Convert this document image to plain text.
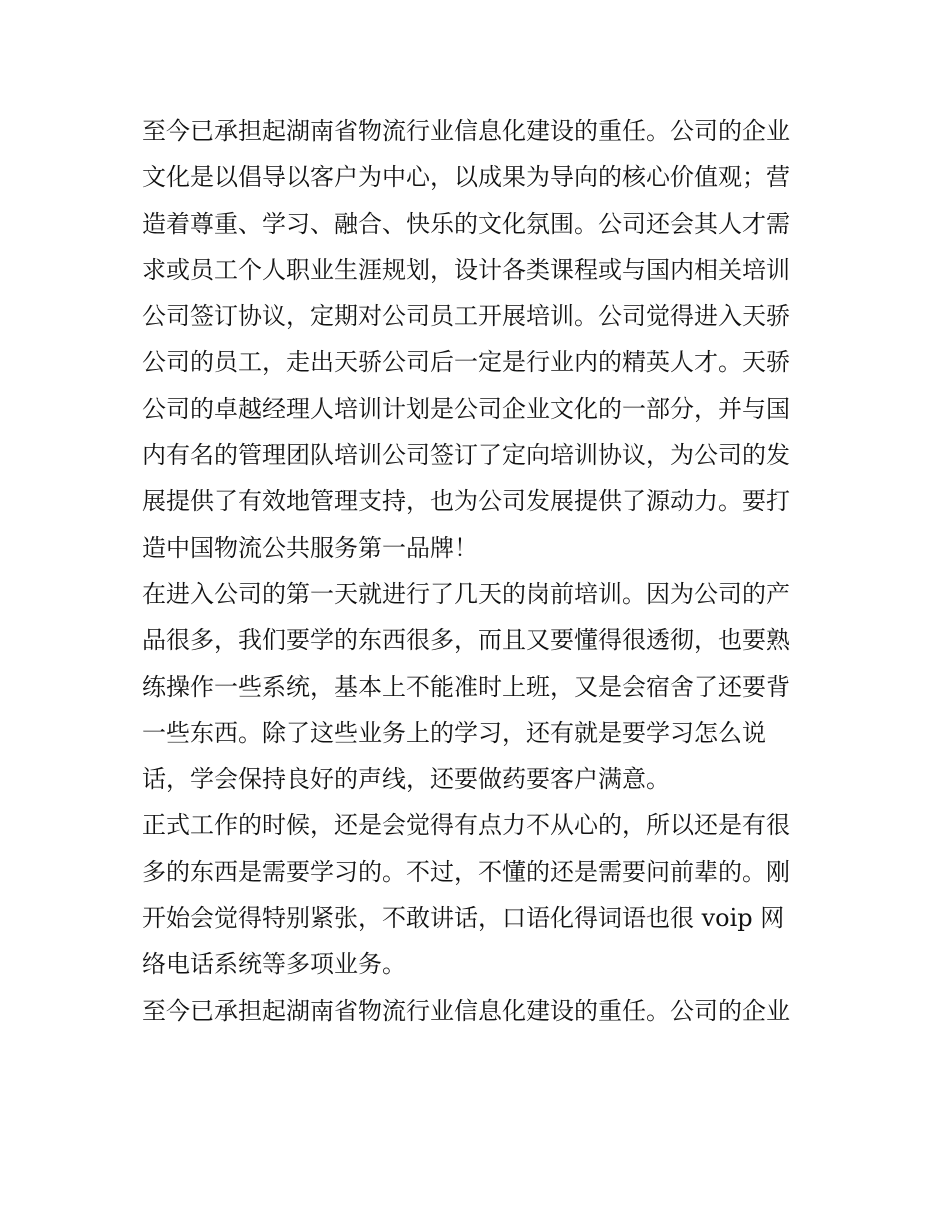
至今已承担起湖南省物流行业信息化建设的重任。公司的企业
文化是以倡导以客户为中心，以成果为导向的核心价值观；营
造着尊重、学习、融合、快乐的文化氛围。公司还会其人才需
求或员工个人职业生涯规划，设计各类课程或与国内相关培训
公司签订协议，定期对公司员工开展培训。公司觉得进入天骄
公司的员工，走出天骄公司后一定是行业内的精英人才。天骄
公司的卓越经理人培训计划是公司企业文化的一部分，并与国
内有名的管理团队培训公司签订了定向培训协议，为公司的发
展提供了有效地管理支持，也为公司发展提供了源动力。要打
造中国物流公共服务第一品牌！
在进入公司的第一天就进行了几天的岗前培训。因为公司的产
品很多，我们要学的东西很多，而且又要懂得很透彻，也要熟
练操作一些系统，基本上不能准时上班，又是会宿舍了还要背
一些东西。除了这些业务上的学习，还有就是要学习怎么说
话，学会保持良好的声线，还要做药要客户满意。
正式工作的时候，还是会觉得有点力不从心的，所以还是有很
多的东西是需要学习的。不过，不懂的还是需要问前辈的。刚
开始会觉得特别紧张，不敢讲话，口语化得词语也很 voip 网
络电话系统等多项业务。
至今已承担起湖南省物流行业信息化建设的重任。公司的企业
